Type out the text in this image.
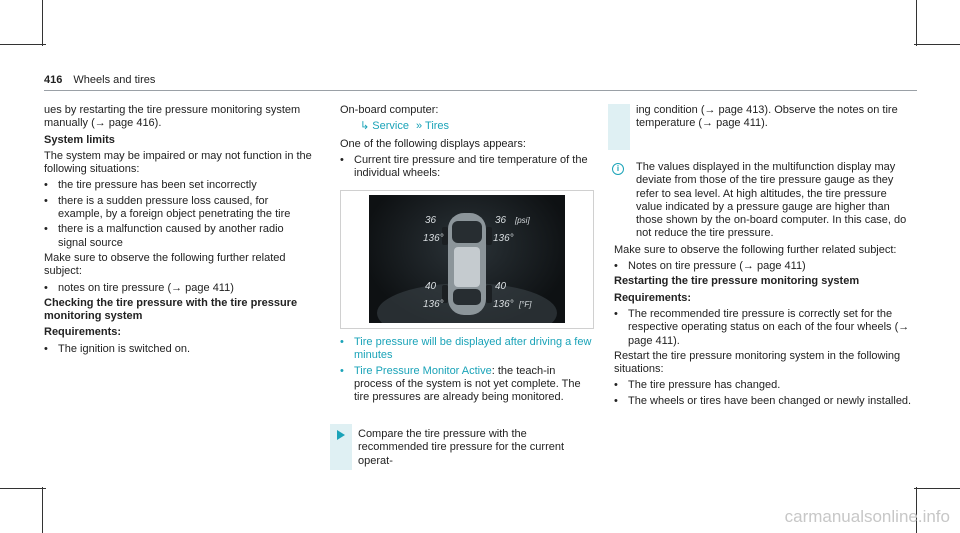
416 Wheels and tires

ues by restarting the tire pressure monitoring system manually (→ page 416).

System limits

The system may be impaired or may not function in the following situations:

• the tire pressure has been set incorrectly
• there is a sudden pressure loss caused, for example, by a foreign object penetrating the tire
• there is a malfunction caused by another radio signal source

Make sure to observe the following further related subject:

• notes on tire pressure (→ page 411)

Checking the tire pressure with the tire pressure monitoring system

Requirements:

• The ignition is switched on.

On-board computer:

↳ Service » Tires

One of the following displays appears:

• Current tire pressure and tire temperature of the individual wheels:
36	36 [psi]
136°	136°
40	40
136°	136° [°F]
• Tire pressure will be displayed after driving a few minutes
• Tire Pressure Monitor Active: the teach-in process of the system is not yet complete. The tire pressures are already being monitored.

Compare the tire pressure with the recommended tire pressure for the current operat-

ing condition (→ page 413). Observe the notes on tire temperature (→ page 411).

i	The values displayed in the multifunction display may deviate from those of the tire pressure gauge as they refer to sea level. At high altitudes, the tire pressure value indicated by a pressure gauge are higher than those shown by the on-board computer. In this case, do not reduce the tire pressure.

Make sure to observe the following further related subject:

• Notes on tire pressure (→ page 411)

Restarting the tire pressure monitoring system

Requirements:

• The recommended tire pressure is correctly set for the respective operating status on each of the four wheels (→ page 411).

Restart the tire pressure monitoring system in the following situations:

• The tire pressure has changed.
• The wheels or tires have been changed or newly installed.
carmanualsonline.info
